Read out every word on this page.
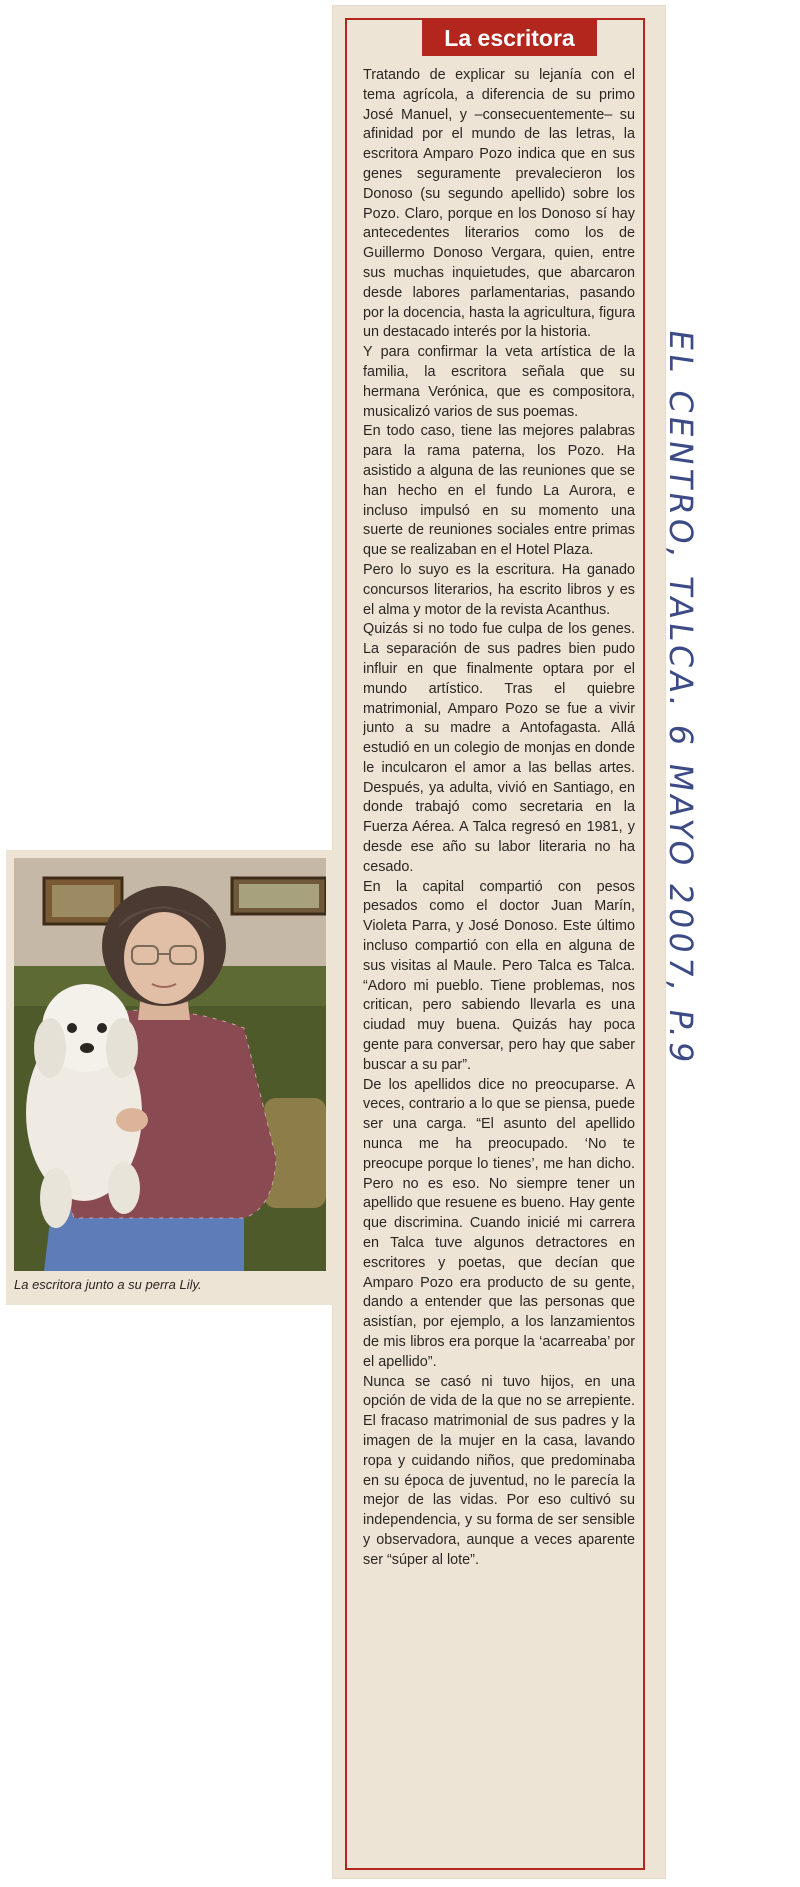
La escritora

Tratando de explicar su lejanía con el tema agrícola, a diferencia de su primo José Manuel, y –consecuentemente– su afinidad por el mundo de las letras, la escritora Amparo Pozo indica que en sus genes seguramente prevalecieron los Donoso (su segundo apellido) sobre los Pozo. Claro, porque en los Donoso sí hay antecedentes literarios como los de Guillermo Donoso Vergara, quien, entre sus muchas inquietudes, que abarcaron desde labores parlamentarias, pasando por la docencia, hasta la agricultura, figura un destacado interés por la historia.

Y para confirmar la veta artística de la familia, la escritora señala que su hermana Verónica, que es compositora, musicalizó varios de sus poemas.

En todo caso, tiene las mejores palabras para la rama paterna, los Pozo. Ha asistido a alguna de las reuniones que se han hecho en el fundo La Aurora, e incluso impulsó en su momento una suerte de reuniones sociales entre primas que se realizaban en el Hotel Plaza.

Pero lo suyo es la escritura. Ha ganado concursos literarios, ha escrito libros y es el alma y motor de la revista Acanthus.

Quizás si no todo fue culpa de los genes. La separación de sus padres bien pudo influir en que finalmente optara por el mundo artístico. Tras el quiebre matrimonial, Amparo Pozo se fue a vivir junto a su madre a Antofagasta. Allá estudió en un colegio de monjas en donde le inculcaron el amor a las bellas artes. Después, ya adulta, vivió en Santiago, en donde trabajó como secretaria en la Fuerza Aérea. A Talca regresó en 1981, y desde ese año su labor literaria no ha cesado.

En la capital compartió con pesos pesados como el doctor Juan Marín, Violeta Parra, y José Donoso. Este último incluso compartió con ella en alguna de sus visitas al Maule. Pero Talca es Talca. “Adoro mi pueblo. Tiene problemas, nos critican, pero sabiendo llevarla es una ciudad muy buena. Quizás hay poca gente para conversar, pero hay que saber buscar a su par”.

De los apellidos dice no preocuparse. A veces, contrario a lo que se piensa, puede ser una carga. “El asunto del apellido nunca me ha preocupado. ‘No te preocupe porque lo tienes’, me han dicho. Pero no es eso. No siempre tener un apellido que resuene es bueno. Hay gente que discrimina. Cuando inicié mi carrera en Talca tuve algunos detractores en escritores y poetas, que decían que Amparo Pozo era producto de su gente, dando a entender que las personas que asistían, por ejemplo, a los lanzamientos de mis libros era porque la ‘acarreaba’ por el apellido”.

Nunca se casó ni tuvo hijos, en una opción de vida de la que no se arrepiente. El fracaso matrimonial de sus padres y la imagen de la mujer en la casa, lavando ropa y cuidando niños, que predominaba en su época de juventud, no le parecía la mejor de las vidas. Por eso cultivó su independencia, y su forma de ser sensible y observadora, aunque a veces aparente ser “súper al lote”.

La escritora junto a su perra Lily.
EL CENTRO, TALCA. 6 MAYO 2007, P.9
